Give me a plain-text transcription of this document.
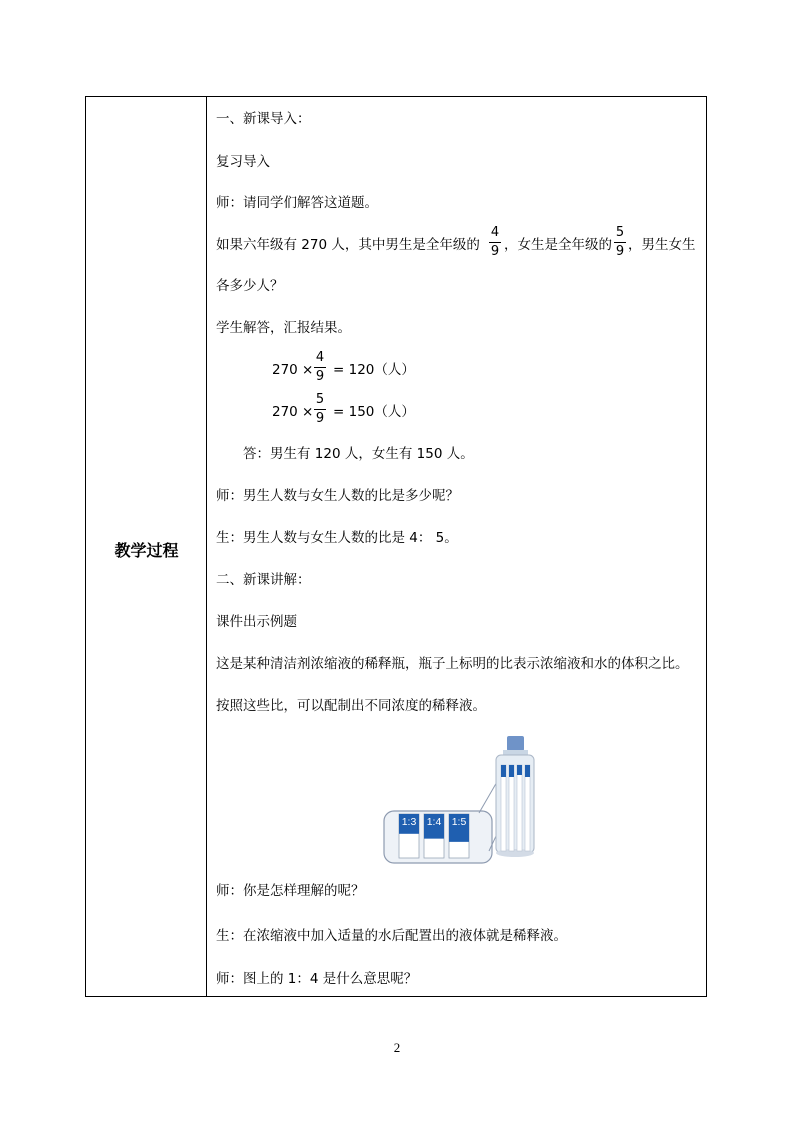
教学过程
一、新课导入：
复习导入
师：请同学们解答这道题。
如果六年级有 270 人，其中男生是全年级的
4
9 ，女生是全年级的
5
9 ，男生女生
各多少人？
学生解答，汇报结果。
270 ×
4
9 = 120（人）
270 ×
5
9 = 150（人）
答：男生有 120 人，女生有 150 人。
师：男生人数与女生人数的比是多少呢？
生：男生人数与女生人数的比是 4： 5。
二、新课讲解：
课件出示例题
这是某种清洁剂浓缩液的稀释瓶，瓶子上标明的比表示浓缩液和水的体积之比。
按照这些比，可以配制出不同浓度的稀释液。
师：你是怎样理解的呢？
生：在浓缩液中加入适量的水后配置出的液体就是稀释液。
师：图上的 1：4 是什么意思呢？
1:3 1:4 1:5
2
